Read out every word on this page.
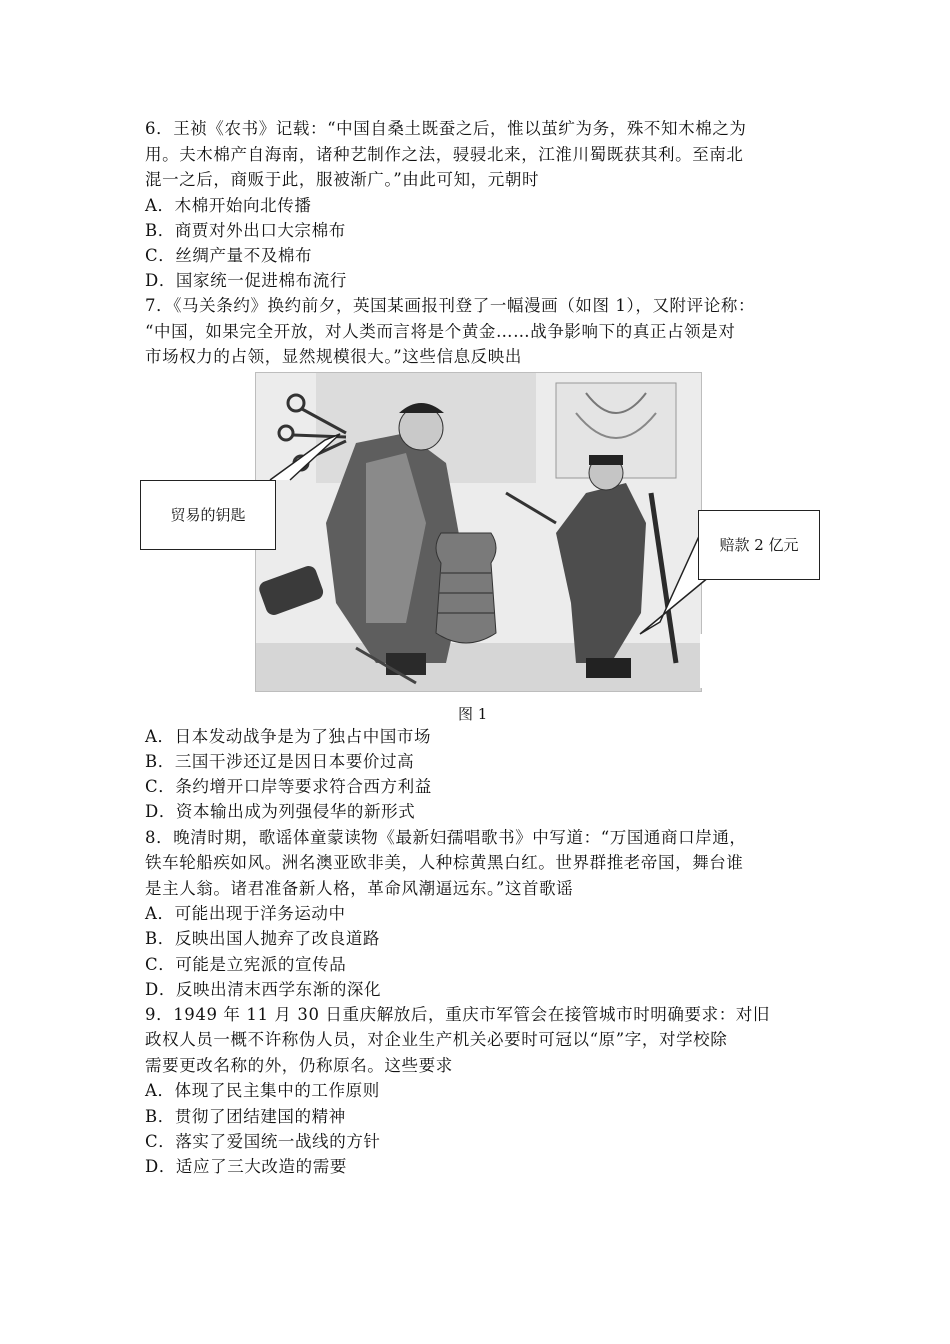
6．王祯《农书》记载：“中国自桑土既蚕之后，惟以茧纩为务，殊不知木棉之为
用。夫木棉产自海南，诸种艺制作之法，骎骎北来，江淮川蜀既获其利。至南北
混一之后，商贩于此，服被渐广。”由此可知，元朝时
A．木棉开始向北传播
B．商贾对外出口大宗棉布
C．丝绸产量不及棉布
D．国家统一促进棉布流行
7．《马关条约》换约前夕，英国某画报刊登了一幅漫画（如图 1），又附评论称：
“中国，如果完全开放，对人类而言将是个黄金……战争影响下的真正占领是对
市场权力的占领，显然规模很大。”这些信息反映出
贸易的钥匙
赔款 2 亿元
图 1
A．日本发动战争是为了独占中国市场
B．三国干涉还辽是因日本要价过高
C．条约增开口岸等要求符合西方利益
D．资本输出成为列强侵华的新形式
8．晚清时期，歌谣体童蒙读物《最新妇孺唱歌书》中写道：“万国通商口岸通，
铁车轮船疾如风。洲名澳亚欧非美，人种棕黄黑白红。世界群推老帝国，舞台谁
是主人翁。诸君准备新人格，革命风潮逼远东。”这首歌谣
A．可能出现于洋务运动中
B．反映出国人抛弃了改良道路
C．可能是立宪派的宣传品
D．反映出清末西学东渐的深化
9．1949 年 11 月 30 日重庆解放后，重庆市军管会在接管城市时明确要求：对旧
政权人员一概不许称伪人员，对企业生产机关必要时可冠以“原”字，对学校除
需要更改名称的外，仍称原名。这些要求
A．体现了民主集中的工作原则
B．贯彻了团结建国的精神
C．落实了爱国统一战线的方针
D．适应了三大改造的需要
